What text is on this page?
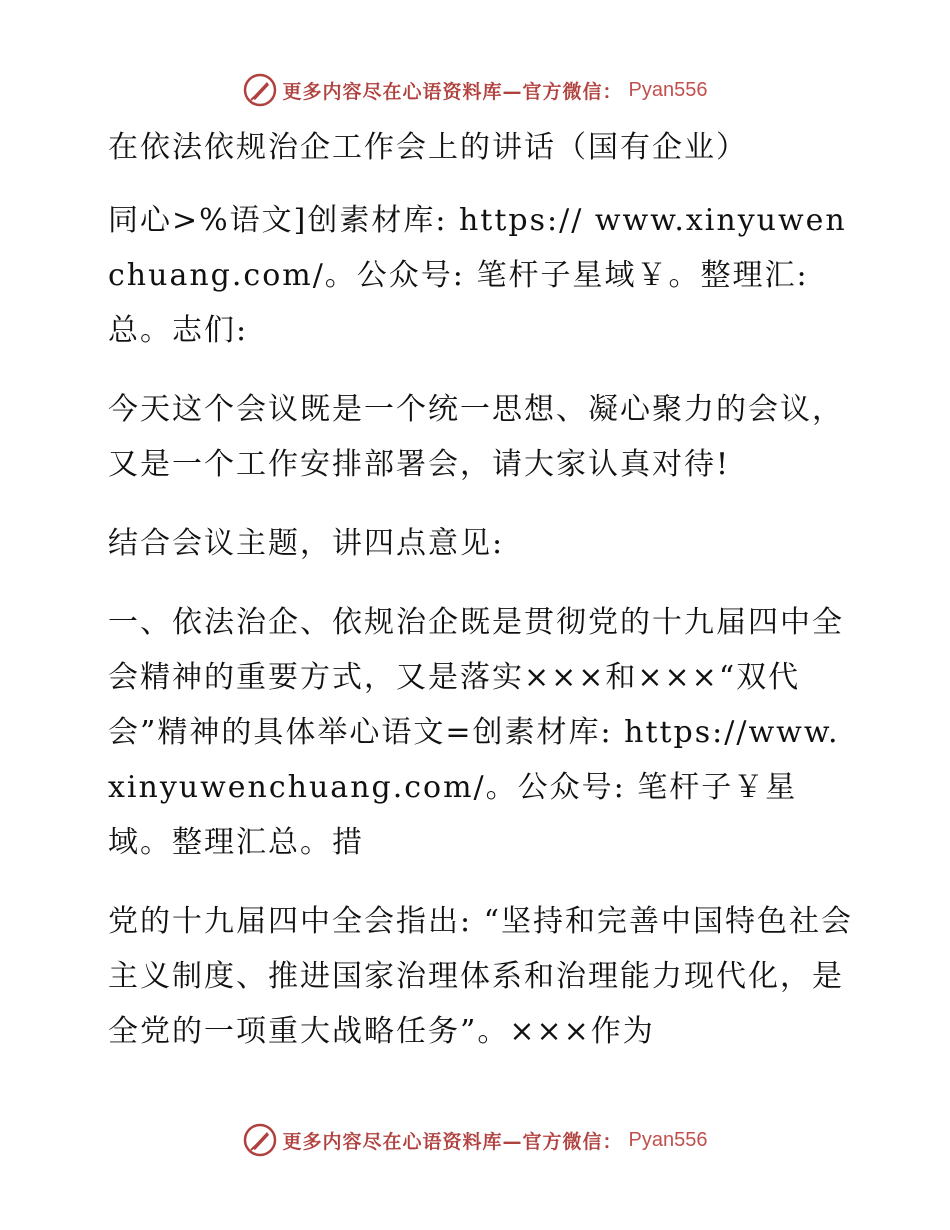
更多内容尽在心语资料库—官方微信： Pyan556

在依法依规治企工作会上的讲话（国有企业）

同心>%语文]创素材库: https:// www.xinyuwenchuang.com/。公众号: 笔杆子星域￥。整理汇:总。志们:

今天这个会议既是一个统一思想、凝心聚力的会议，又是一个工作安排部署会，请大家认真对待!

结合会议主题，讲四点意见:

一、依法治企、依规治企既是贯彻党的十九届四中全会精神的重要方式，又是落实×××和×××“双代会”精神的具体举心语文=创素材库: https://www.xinyuwenchuang.com/。公众号: 笔杆子￥星域。整理汇总。措

党的十九届四中全会指出: “坚持和完善中国特色社会主义制度、推进国家治理体系和治理能力现代化，是全党的一项重大战略任务”。×××作为

更多内容尽在心语资料库—官方微信： Pyan556
